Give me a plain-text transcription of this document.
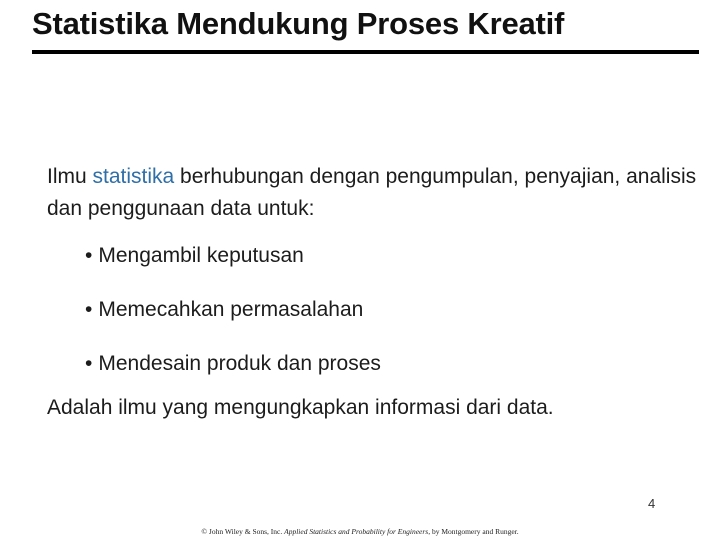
Statistika Mendukung Proses Kreatif
Ilmu statistika berhubungan dengan pengumpulan, penyajian, analisis dan penggunaan data untuk:
• Mengambil keputusan
• Memecahkan permasalahan
• Mendesain produk dan proses
Adalah ilmu yang mengungkapkan informasi dari data.
4
© John Wiley & Sons, Inc. Applied Statistics and Probability for Engineers, by Montgomery and Runger.
